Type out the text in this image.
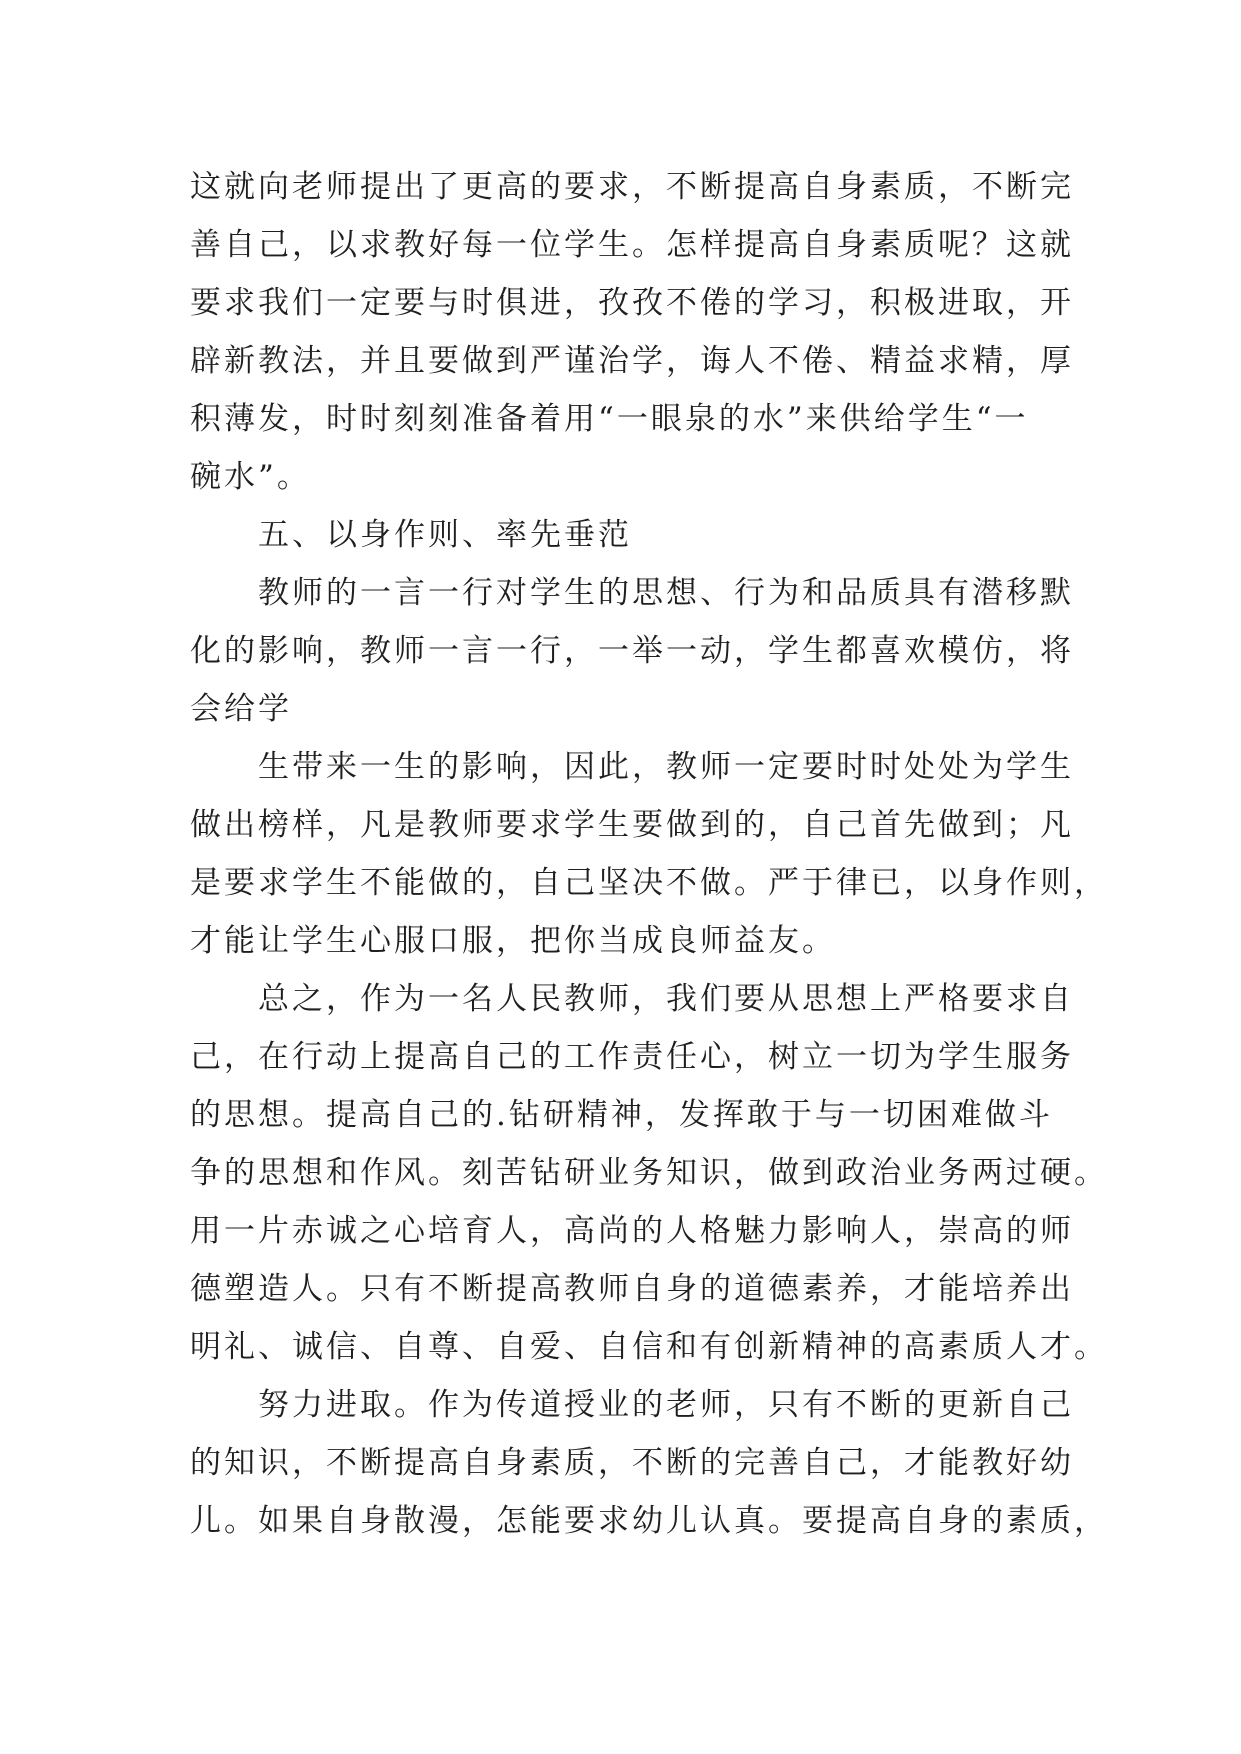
这就向老师提出了更高的要求，不断提高自身素质，不断完
善自己，以求教好每一位学生。怎样提高自身素质呢？这就
要求我们一定要与时俱进，孜孜不倦的学习，积极进取，开
辟新教法，并且要做到严谨治学，诲人不倦、精益求精，厚
积薄发，时时刻刻准备着用“一眼泉的水”来供给学生“一
碗水”。
五、以身作则、率先垂范
教师的一言一行对学生的思想、行为和品质具有潜移默
化的影响，教师一言一行，一举一动，学生都喜欢模仿，将
会给学
生带来一生的影响，因此，教师一定要时时处处为学生
做出榜样，凡是教师要求学生要做到的，自己首先做到；凡
是要求学生不能做的，自己坚决不做。严于律已，以身作则，
才能让学生心服口服，把你当成良师益友。
总之，作为一名人民教师，我们要从思想上严格要求自
己，在行动上提高自己的工作责任心，树立一切为学生服务
的思想。提高自己的.钻研精神，发挥敢于与一切困难做斗
争的思想和作风。刻苦钻研业务知识，做到政治业务两过硬。
用一片赤诚之心培育人，高尚的人格魅力影响人，崇高的师
德塑造人。只有不断提高教师自身的道德素养，才能培养出
明礼、诚信、自尊、自爱、自信和有创新精神的高素质人才。
努力进取。作为传道授业的老师，只有不断的更新自己
的知识，不断提高自身素质，不断的完善自己，才能教好幼
儿。如果自身散漫，怎能要求幼儿认真。要提高自身的素质，
